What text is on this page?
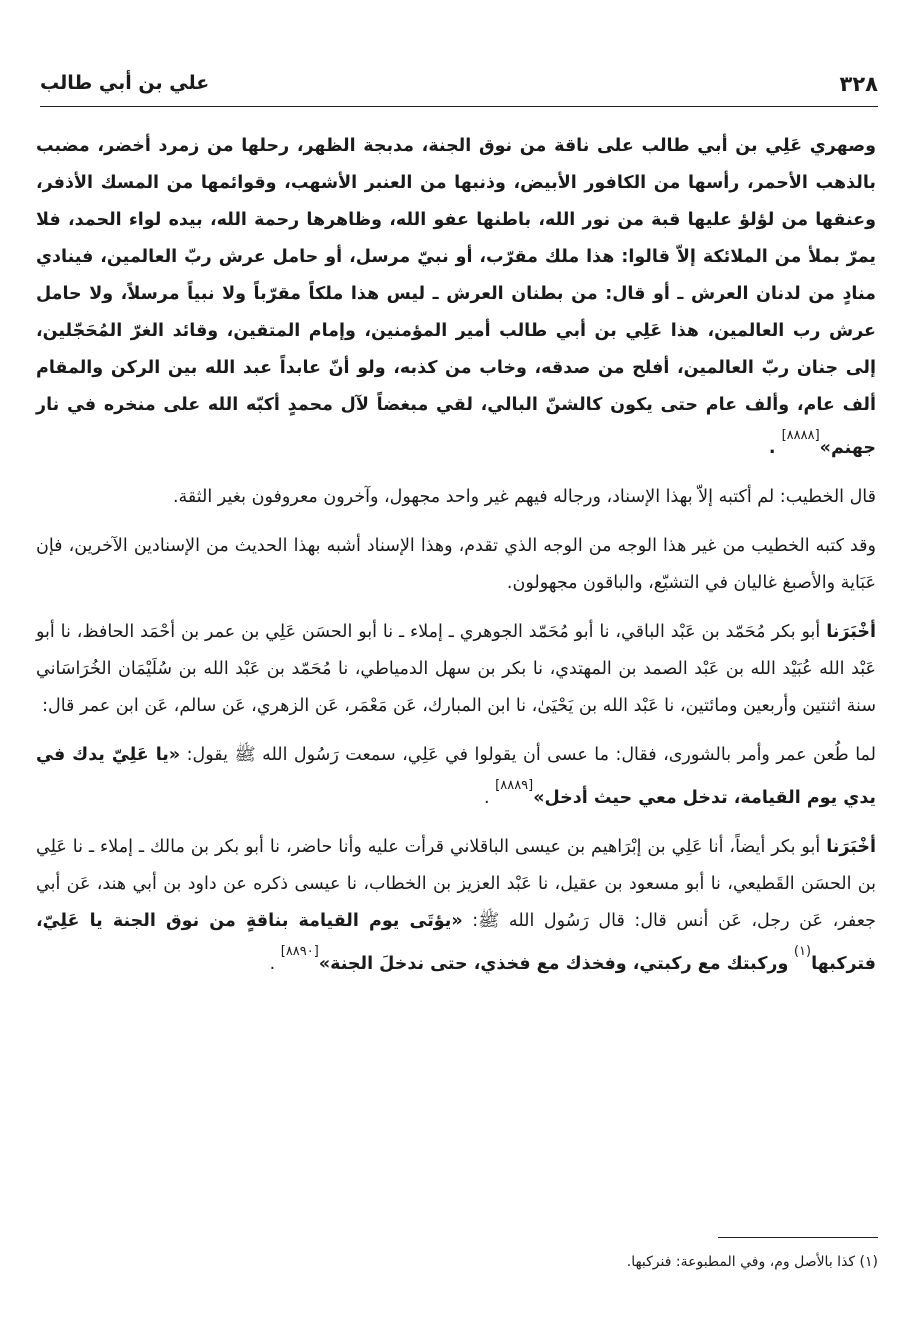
٣٢٨
علي بن أبي طالب

وصهري عَلِي بن أبي طالب على ناقة من نوق الجنة، مدبجة الظهر، رحلها من زمرد أخضر، مضبب بالذهب الأحمر، رأسها من الكافور الأبيض، وذنبها من العنبر الأشهب، وقوائمها من المسك الأذفر، وعنقها من لؤلؤ عليها قبة من نور الله، باطنها عفو الله، وظاهرها رحمة الله، بيده لواء الحمد، فلا يمرّ بملأ من الملائكة إلاّ قالوا: هذا ملك مقرّب، أو نبيّ مرسل، أو حامل عرش ربّ العالمين، فينادي منادٍ من لدنان العرش ـ أو قال: من بطنان العرش ـ ليس هذا ملكاً مقرّباً ولا نبياً مرسلاً، ولا حامل عرش رب العالمين، هذا عَلِي بن أبي طالب أمير المؤمنين، وإمام المتقين، وقائد الغرّ المُحَجّلين، إلى جنان ربّ العالمين، أفلح من صدقه، وخاب من كذبه، ولو أنّ عابداً عبد الله بين الركن والمقام ألف عام، وألف عام حتى يكون كالشنّ البالي، لقي مبغضاً لآل محمدٍ أكبّه الله على منخره في نار جهنم»[٨٨٨٨] .

قال الخطيب: لم أكتبه إلاّ بهذا الإسناد، ورجاله فيهم غير واحد مجهول، وآخرون معروفون بغير الثقة.

وقد كتبه الخطيب من غير هذا الوجه من الوجه الذي تقدم، وهذا الإسناد أشبه بهذا الحديث من الإسنادين الآخرين، فإن عَبَاية والأصبغ غاليان في التشيّع، والباقون مجهولون.

أخْبَرَنا أبو بكر مُحَمّد بن عَبْد الباقي، نا أبو مُحَمّد الجوهري ـ إملاء ـ نا أبو الحسَن عَلِي بن عمر بن أحْمَد الحافظ، نا أبو عَبْد الله عُبَيْد الله بن عَبْد الصمد بن المهتدي، نا بكر بن سهل الدمياطي، نا مُحَمّد بن عَبْد الله بن سُلَيْمَان الخُرَاسَاني سنة اثنتين وأربعين ومائتين، نا عَبْد الله بن يَحْيَىٰ، نا ابن المبارك، عَن مَعْمَر، عَن الزهري، عَن سالم، عَن ابن عمر قال:

لما طُعن عمر وأمر بالشورى، فقال: ما عسى أن يقولوا في عَلِي، سمعت رَسُول الله ﷺ يقول: «يا عَلِيّ يدك في يدي يوم القيامة، تدخل معي حيث أدخل»[٨٨٨٩] .

أخْبَرَنا أبو بكر أيضاً، أنا عَلِي بن إبْرَاهيم بن عيسى الباقلاني قرأت عليه وأنا حاضر، نا أبو بكر بن مالك ـ إملاء ـ نا عَلِي بن الحسَن القَطيعي، نا أبو مسعود بن عقيل، نا عَبْد العزيز بن الخطاب، نا عيسى ذكره عن داود بن أبي هند، عَن أبي جعفر، عَن رجل، عَن أنس قال: قال رَسُول الله ﷺ: «يؤتَى يوم القيامة بناقةٍ من نوق الجنة يا عَلِيّ، فتركبها$^{(١)}$ وركبتك مع ركبتي، وفخذك مع فخذي، حتى ندخلَ الجنة»[٨٨٩٠] .

(١) كذا بالأصل وم، وفي المطبوعة: فنركبها.
